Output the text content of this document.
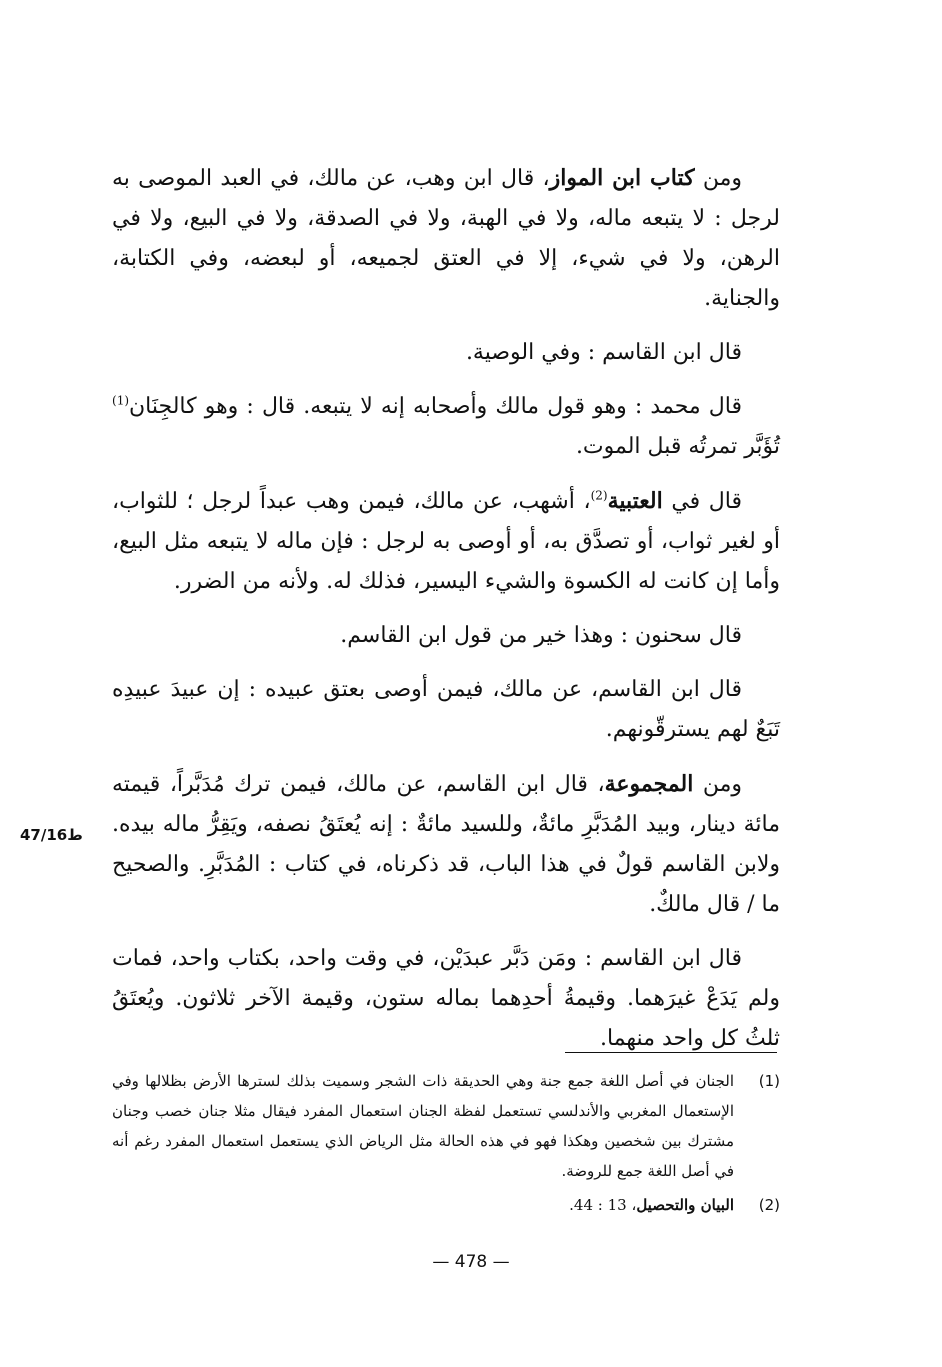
ومن كتاب ابن المواز، قال ابن وهب، عن مالك، في العبد الموصى به لرجل : لا يتبعه ماله، ولا في الهبة، ولا في الصدقة، ولا في البيع، ولا في الرهن، ولا في شيء، إلا في العتق لجميعه، أو لبعضه، وفي الكتابة، والجناية.

قال ابن القاسم : وفي الوصية.

قال محمد : وهو قول مالك وأصحابه إنه لا يتبعه. قال : وهو كالجِنَان$^{(1)}$ تُؤَبَّر تمرتُه قبل الموت.

قال في العتبية$^{(2)}$، أشهب، عن مالك، فيمن وهب عبداً لرجل ؛ للثواب، أو لغير ثواب، أو تصدَّق به، أو أوصى به لرجل : فإن ماله لا يتبعه مثل البيع، وأما إن كانت له الكسوة والشيء اليسير، فذلك له. ولأنه من الضرر.

قال سحنون : وهذا خير من قول ابن القاسم.

قال ابن القاسم، عن مالك، فيمن أوصى بعتق عبيده : إن عبيدَ عبيدِه تَبَعٌ لهم يسترقّونهم.

ومن المجموعة، قال ابن القاسم، عن مالك، فيمن ترك مُدَبَّراً، قيمته مائة دينار، وبيد المُدَبَّرِ مائةٌ، وللسيد مائةٌ : إنه يُعتَقُ نصفه، ويَقِرُّ ماله بيده. ولابن القاسم قولٌ في هذا الباب، قد ذكرناه، في كتاب : المُدَبَّرِ. والصحيح ما / قال مالكٌ.

قال ابن القاسم : ومَن دَبَّر عبدَيْن، في وقت واحد، بكتاب واحد، فمات ولم يَدَعْ غيرَهما. وقيمةُ أحدِهما بماله ستون، وقيمة الآخر ثلاثون. ويُعتَقُ ثلثُ كل واحد منهما.

ط47/16
(1)
الجنان في أصل اللغة جمع جنة وهي الحديقة ذات الشجر وسميت بذلك لسترها الأرض بظلالها وفي الإستعمال المغربي والأندلسي تستعمل لفظة الجنان استعمال المفرد فيقال مثلا جنان خصب وجنان مشترك بين شخصين وهكذا فهو في هذه الحالة مثل الرياض الذي يستعمل استعمال المفرد رغم أنه في أصل اللغة جمع للروضة.
(2)
البيان والتحصيل، 13 : 44.
— 478 —
